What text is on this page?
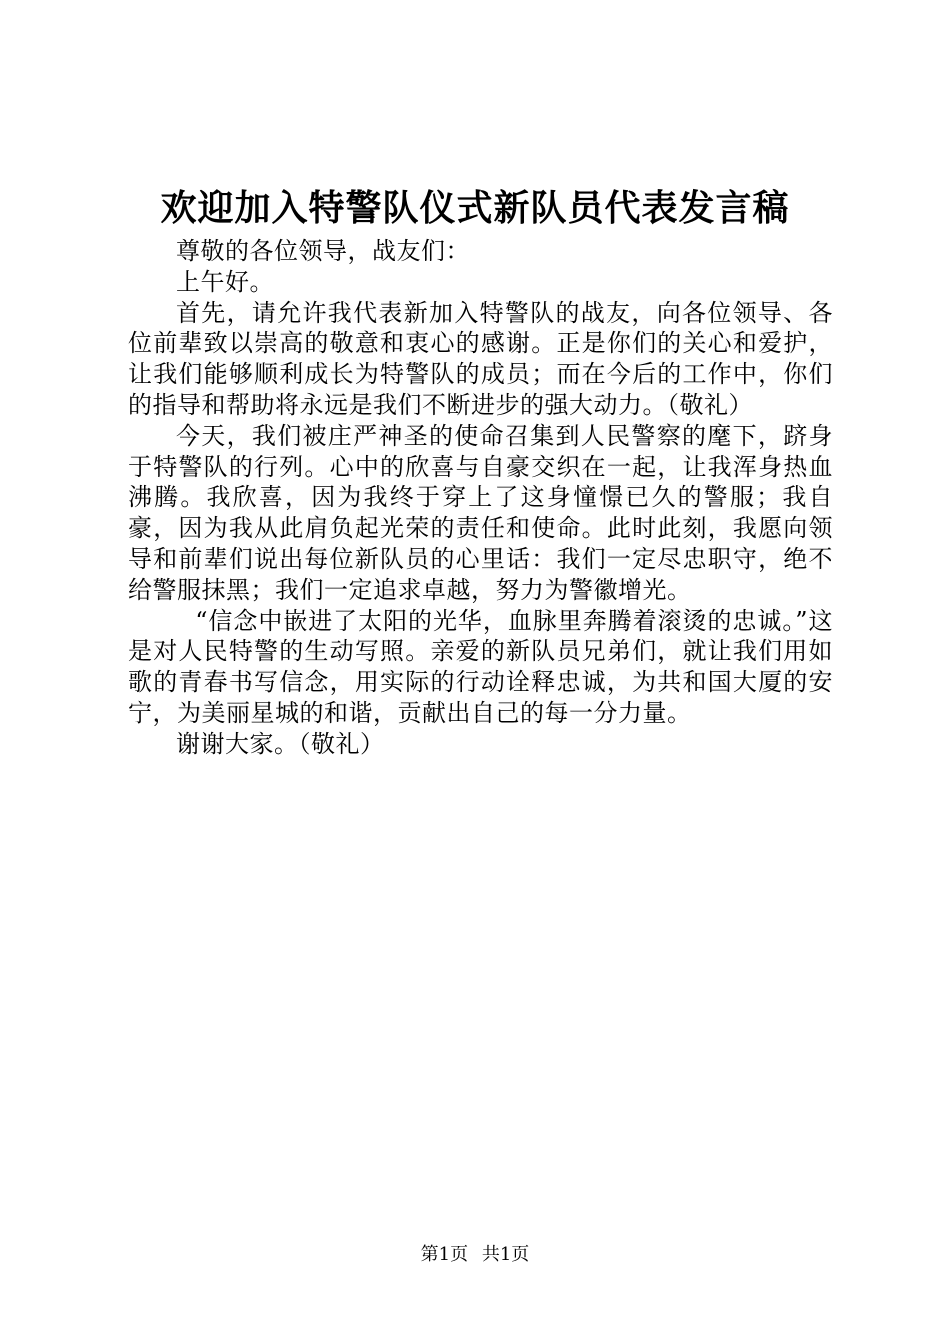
欢迎加入特警队仪式新队员代表发言稿

尊敬的各位领导，战友们：

上午好。

首先，请允许我代表新加入特警队的战友，向各位领导、各位前辈致以崇高的敬意和衷心的感谢。正是你们的关心和爱护，让我们能够顺利成长为特警队的成员；而在今后的工作中，你们的指导和帮助将永远是我们不断进步的强大动力。（敬礼）

今天，我们被庄严神圣的使命召集到人民警察的麾下，跻身于特警队的行列。心中的欣喜与自豪交织在一起，让我浑身热血沸腾。我欣喜，因为我终于穿上了这身憧憬已久的警服；我自豪，因为我从此肩负起光荣的责任和使命。此时此刻，我愿向领导和前辈们说出每位新队员的心里话：我们一定尽忠职守，绝不给警服抹黑；我们一定追求卓越，努力为警徽增光。

“信念中嵌进了太阳的光华，血脉里奔腾着滚烫的忠诚。”这是对人民特警的生动写照。亲爱的新队员兄弟们，就让我们用如歌的青春书写信念，用实际的行动诠释忠诚，为共和国大厦的安宁，为美丽星城的和谐，贡献出自己的每一分力量。

谢谢大家。（敬礼）

第1页 共1页
